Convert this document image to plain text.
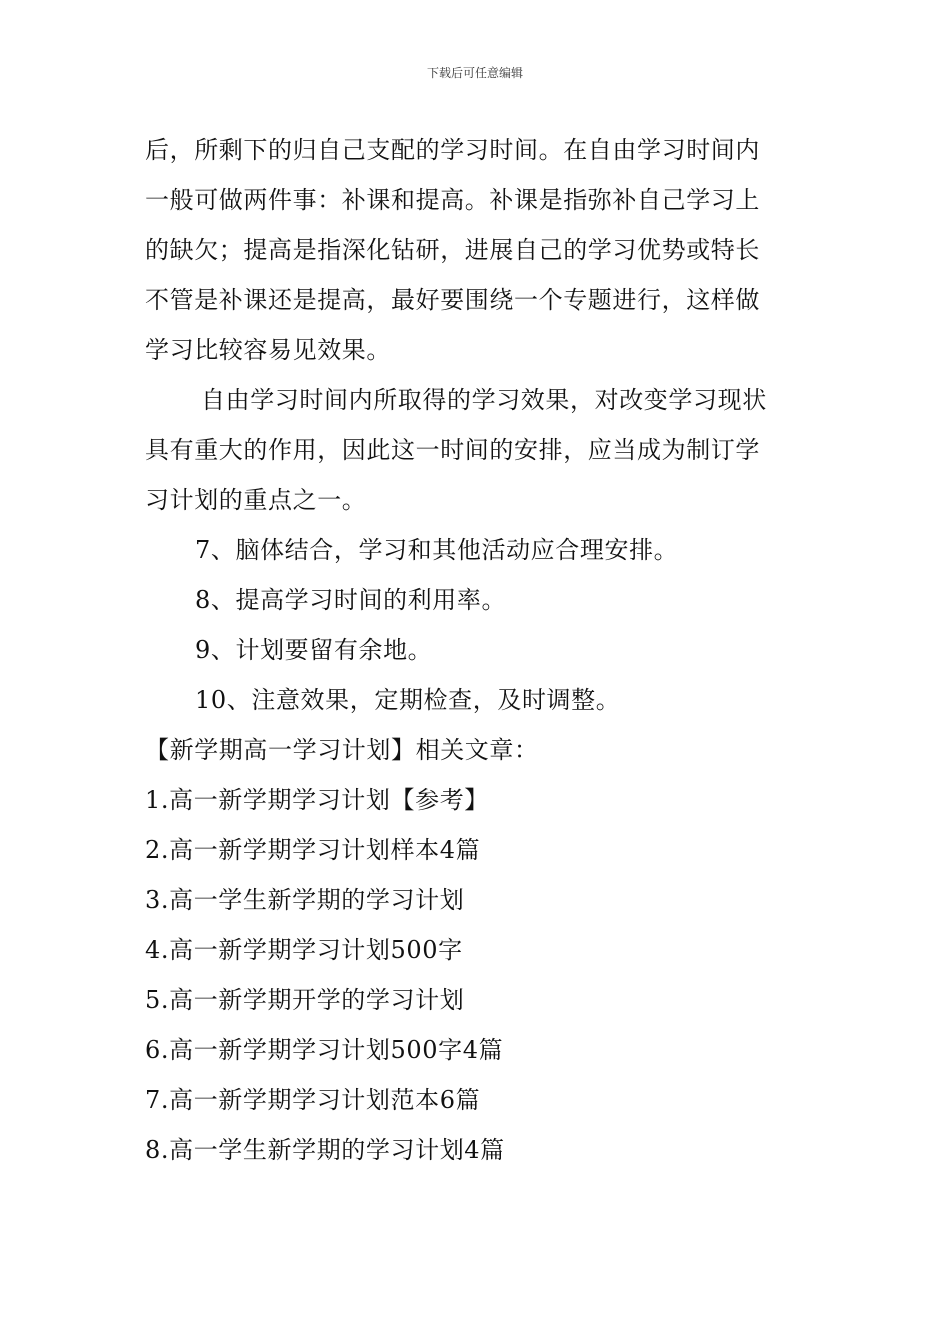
下载后可任意编辑
后，所剩下的归自己支配的学习时间。在自由学习时间内
一般可做两件事：补课和提高。补课是指弥补自己学习上
的缺欠；提高是指深化钻研，进展自己的学习优势或特长
不管是补课还是提高，最好要围绕一个专题进行，这样做
学习比较容易见效果。
自由学习时间内所取得的学习效果，对改变学习现状
具有重大的作用，因此这一时间的安排，应当成为制订学
习计划的重点之一。
7、脑体结合，学习和其他活动应合理安排。
8、提高学习时间的利用率。
9、计划要留有余地。
10、注意效果，定期检查，及时调整。
【新学期高一学习计划】相关文章：
1.高一新学期学习计划【参考】
2.高一新学期学习计划样本4篇
3.高一学生新学期的学习计划
4.高一新学期学习计划500字
5.高一新学期开学的学习计划
6.高一新学期学习计划500字4篇
7.高一新学期学习计划范本6篇
8.高一学生新学期的学习计划4篇
